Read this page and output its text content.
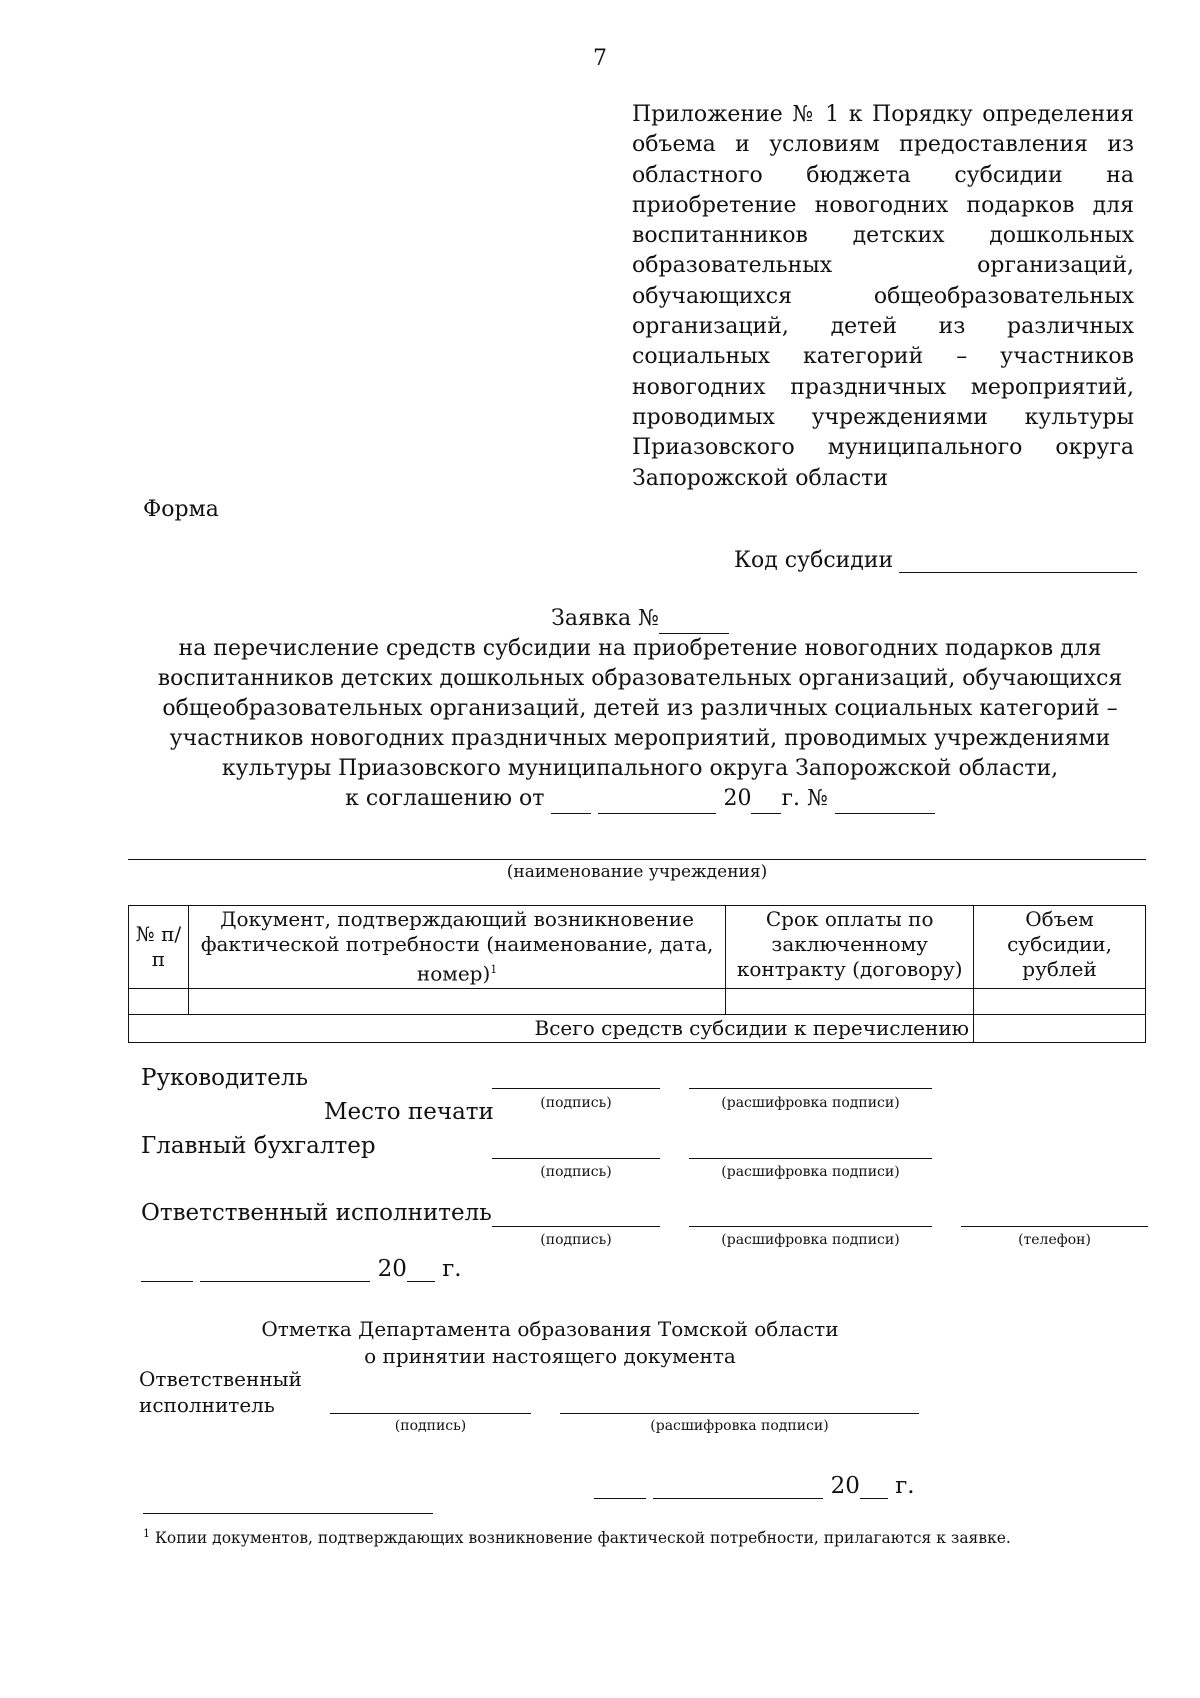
7
Приложение № 1 к Порядку определения объема и условиям предоставления из областного бюджета субсидии на приобретение новогодних подарков для воспитанников детских дошкольных образовательных организаций, обучающихся общеобразовательных организаций, детей из различных социальных категорий – участников новогодних праздничных мероприятий, проводимых учреждениями культуры Приазовского муниципального округа Запорожской области
Форма
Код субсидии
Заявка №
на перечисление средств субсидии на приобретение новогодних подарков для
воспитанников детских дошкольных образовательных организаций, обучающихся
общеобразовательных организаций, детей из различных социальных категорий –
участников новогодних праздничных мероприятий, проводимых учреждениями
культуры Приазовского муниципального округа Запорожской области,
к соглашению от	20 г. №
(наименование учреждения)
№ п/п	Документ, подтверждающий возникновение фактической потребности (наименование, дата, номер)$^1$	Срок оплаты по заключенному контракту (договору)	Объем субсидии, рублей

Всего средств субсидии к перечислению			
Руководитель
(подпись)	(расшифровка подписи)
Место печати
Главный бухгалтер
(подпись)	(расшифровка подписи)
Ответственный исполнитель
(подпись)	(расшифровка подписи)	(телефон)
20 г.
Отметка Департамента образования Томской области
о принятии настоящего документа
Ответственный
исполнитель
(подпись)	(расшифровка подписи)
20 г.
$^1$ Копии документов, подтверждающих возникновение фактической потребности, прилагаются к заявке.
